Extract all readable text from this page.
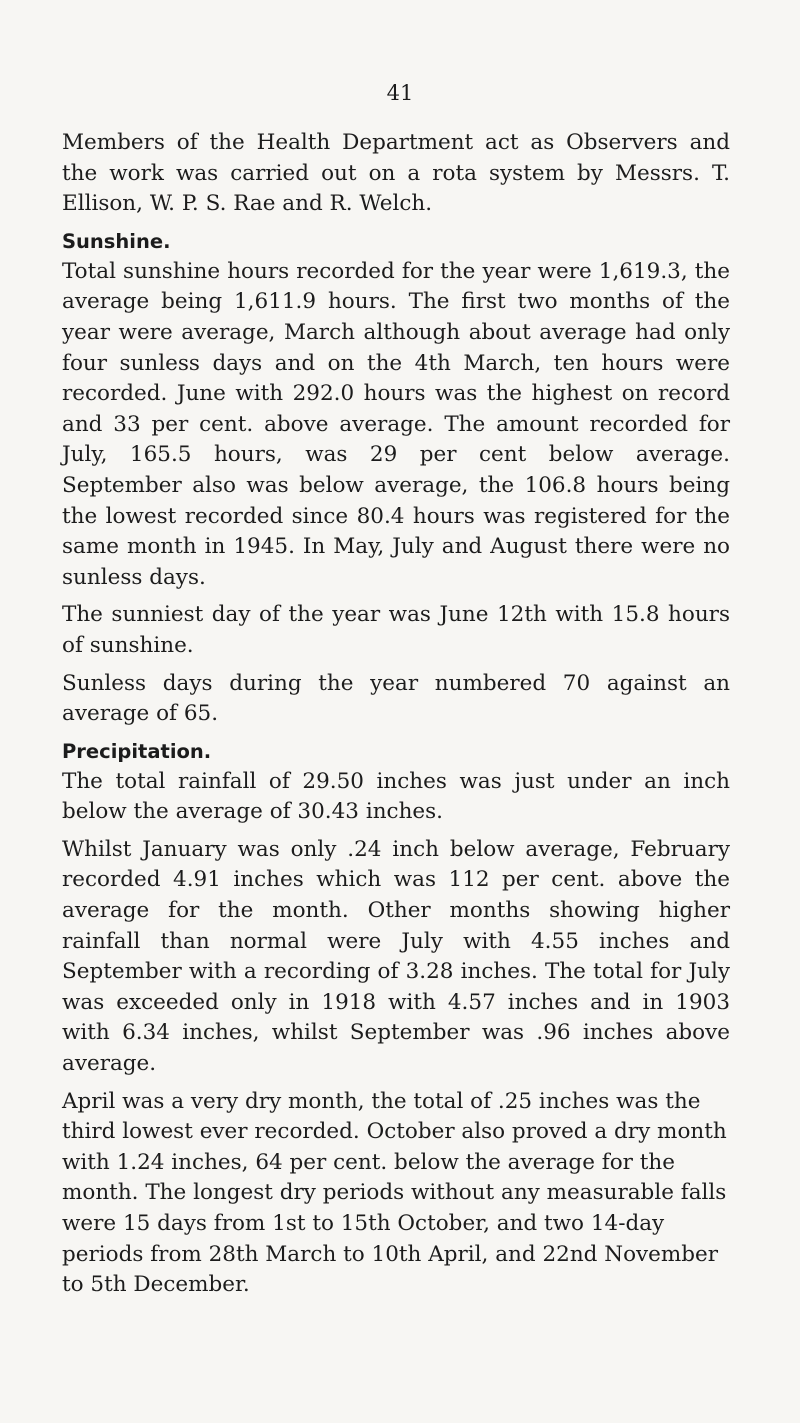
41

Members of the Health Department act as Observers and the work was carried out on a rota system by Messrs. T. Ellison, W. P. S. Rae and R. Welch.

Sunshine.

Total sunshine hours recorded for the year were 1,619.3, the average being 1,611.9 hours. The first two months of the year were average, March although about average had only four sunless days and on the 4th March, ten hours were recorded. June with 292.0 hours was the highest on record and 33 per cent. above average. The amount recorded for July, 165.5 hours, was 29 per cent below average. September also was below average, the 106.8 hours being the lowest recorded since 80.4 hours was registered for the same month in 1945. In May, July and August there were no sunless days.

The sunniest day of the year was June 12th with 15.8 hours of sunshine.

Sunless days during the year numbered 70 against an average of 65.

Precipitation.

The total rainfall of 29.50 inches was just under an inch below the average of 30.43 inches.

Whilst January was only .24 inch below average, February recorded 4.91 inches which was 112 per cent. above the average for the month. Other months showing higher rainfall than normal were July with 4.55 inches and September with a recording of 3.28 inches. The total for July was exceeded only in 1918 with 4.57 inches and in 1903 with 6.34 inches, whilst September was .96 inches above average.

April was a very dry month, the total of .25 inches was the third lowest ever recorded. October also proved a dry month with 1.24 inches, 64 per cent. below the average for the month. The longest dry periods without any measurable falls were 15 days from 1st to 15th October, and two 14-day periods from 28th March to 10th April, and 22nd November to 5th December.
